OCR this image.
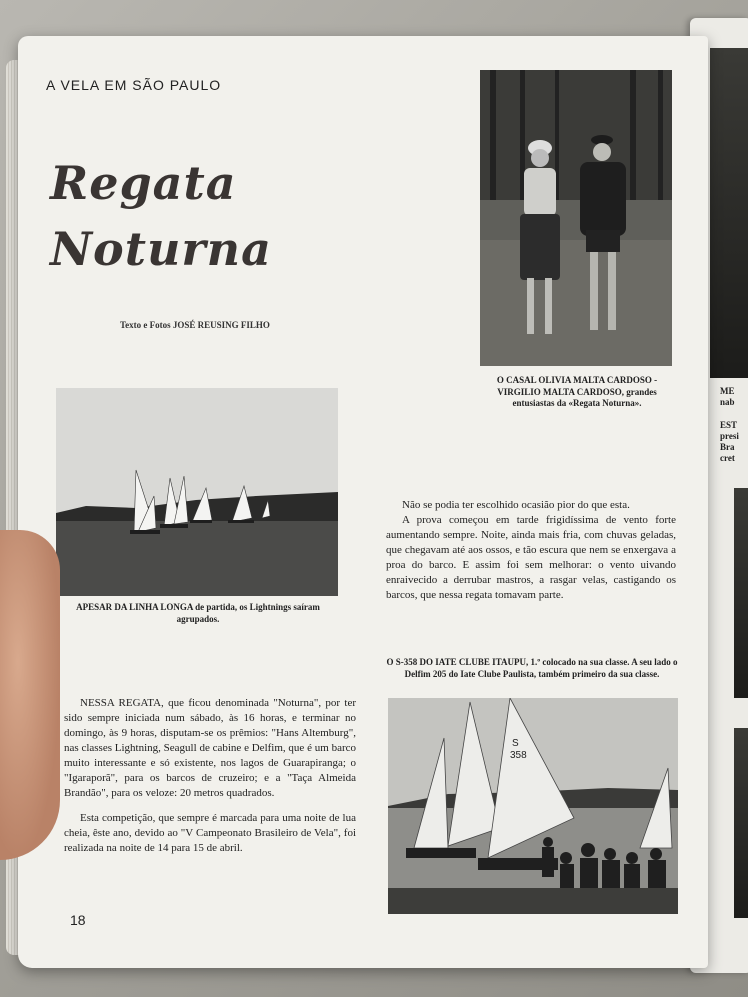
ME
nab
EST
presi
Bra
cret
A VELA EM SÃO PAULO
Regata
Noturna
Texto e Fotos JOSÉ REUSING FILHO
O CASAL OLIVIA MALTA CARDOSO - VIRGILIO MALTA CARDOSO, grandes entusiastas da «Regata Noturna».
APESAR DA LINHA LONGA de partida, os Lightnings saíram agrupados.

Não se podia ter escolhido ocasião pior do que esta.

A prova começou em tarde frigidíssima de vento forte aumentando sempre. Noite, ainda mais fria, com chuvas geladas, que chegavam até aos ossos, e tão escura que nem se enxergava a proa do barco. E assim foi sem melhorar: o vento uivando enraivecido a derrubar mastros, a rasgar velas, castigando os barcos, que nessa regata tomavam parte.

O S-358 DO IATE CLUBE ITAUPU, 1.º colocado na sua classe. A seu lado o Delfim 205 do Iate Clube Paulista, também primeiro da sua classe.

NESSA REGATA, que ficou denominada "Noturna", por ter sido sempre iniciada num sábado, às 16 horas, e terminar no domingo, às 9 horas, disputam-se os prêmios: "Hans Altemburg", nas classes Lightning, Seagull de cabine e Delfim, que é um barco muito interessante e só existente, nos lagos de Guarapiranga; o "Igaraporã", para os barcos de cruzeiro; e a "Taça Almeida Brandão", para os veloze: 20 metros quadrados.

Esta competição, que sempre é marcada para uma noite de lua cheia, êste ano, devido ao "V Campeonato Brasileiro de Vela", foi realizada na noite de 14 para 15 de abril.

S
358
18
